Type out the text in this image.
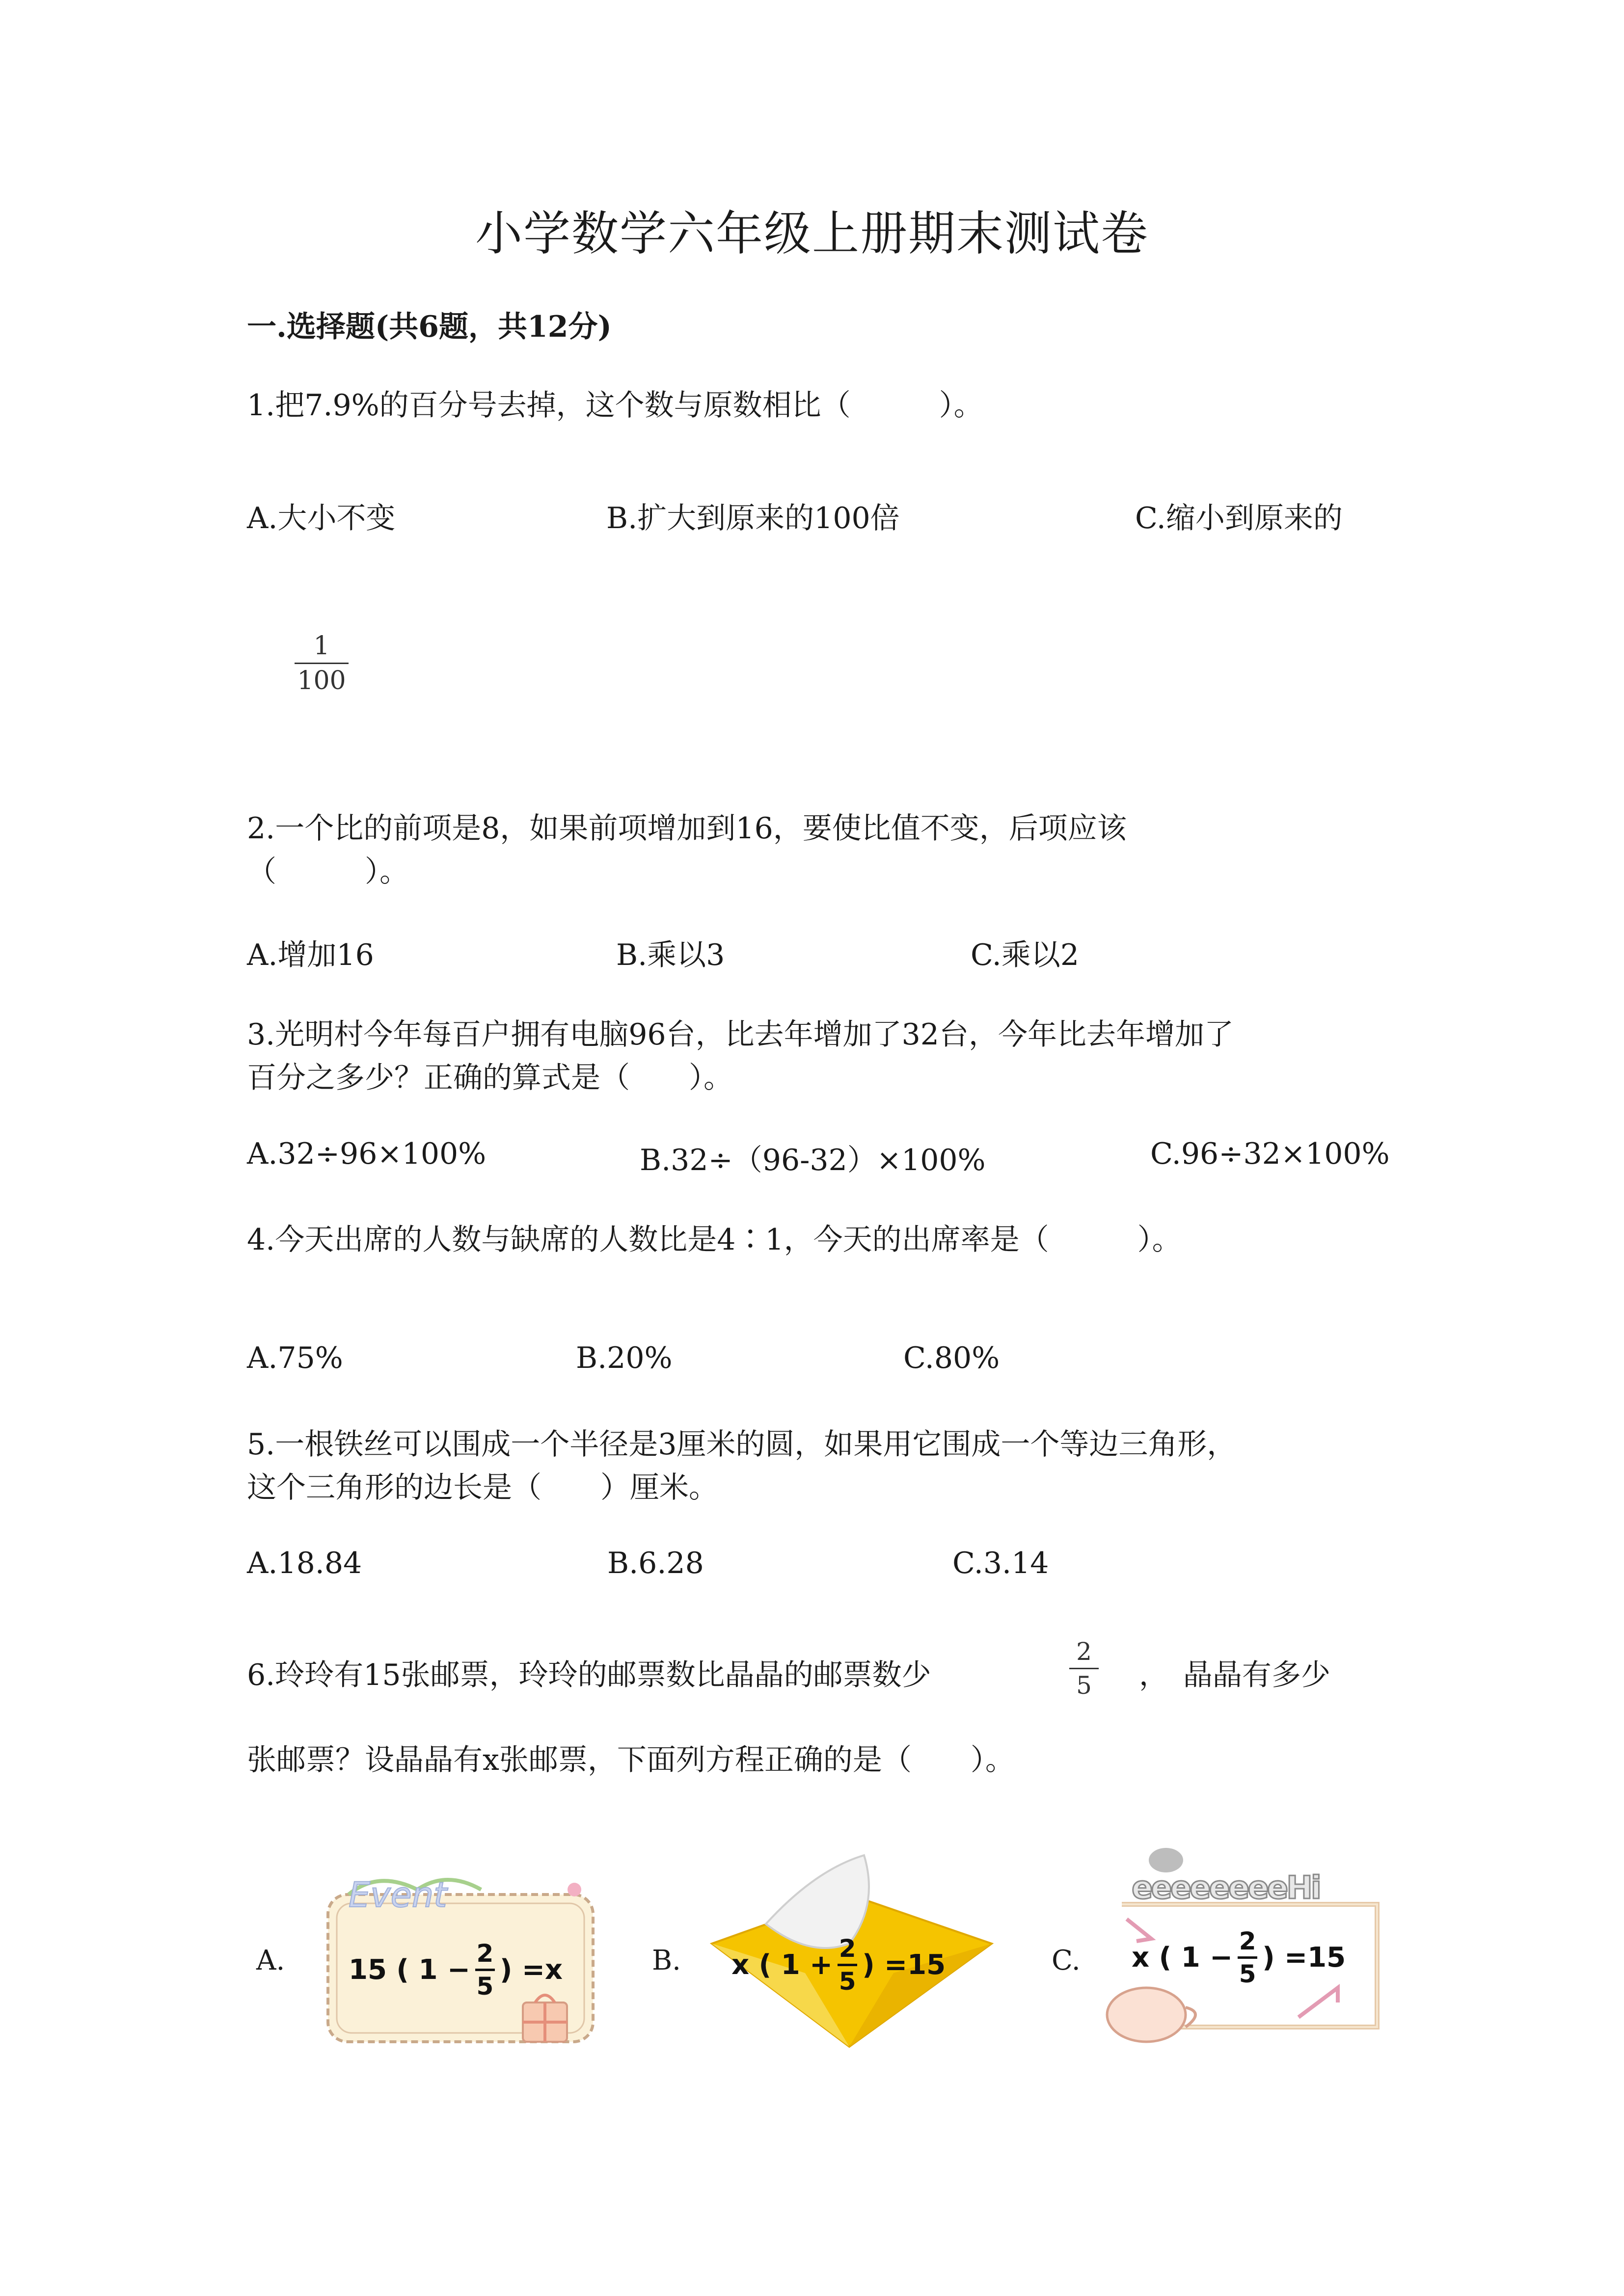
小学数学六年级上册期末测试卷
一.选择题(共6题，共12分)
1.把7.9%的百分号去掉，这个数与原数相比（　　　）。
A.大小不变	B.扩大到原来的100倍	C.缩小到原来的
1
100
2.一个比的前项是8，如果前项增加到16，要使比值不变，后项应该
（　　　）。
A.增加16	B.乘以3	C.乘以2
3.光明村今年每百户拥有电脑96台，比去年增加了32台，今年比去年增加了
百分之多少？正确的算式是（　　）。
A.32÷96×100%	B.32÷（96-32）×100%	C.96÷32×100%
4.今天出席的人数与缺席的人数比是4∶1，今天的出席率是（　　　）。
A.75%	B.20%	C.80%
5.一根铁丝可以围成一个半径是3厘米的圆，如果用它围成一个等边三角形，
这个三角形的边长是（　　）厘米。
A.18.84	B.6.28	C.3.14
6.玲玲有15张邮票，玲玲的邮票数比晶晶的邮票数少
2
5 ，　晶晶有多少
张邮票？设晶晶有x张邮票，下面列方程正确的是（　　）。
A.
Event
15 ( 1 −
2
5
) =x	B. x ( 1 +
2
5
) =15	C.
eeeeeeeeHi
x ( 1 −
2
5
) =15
